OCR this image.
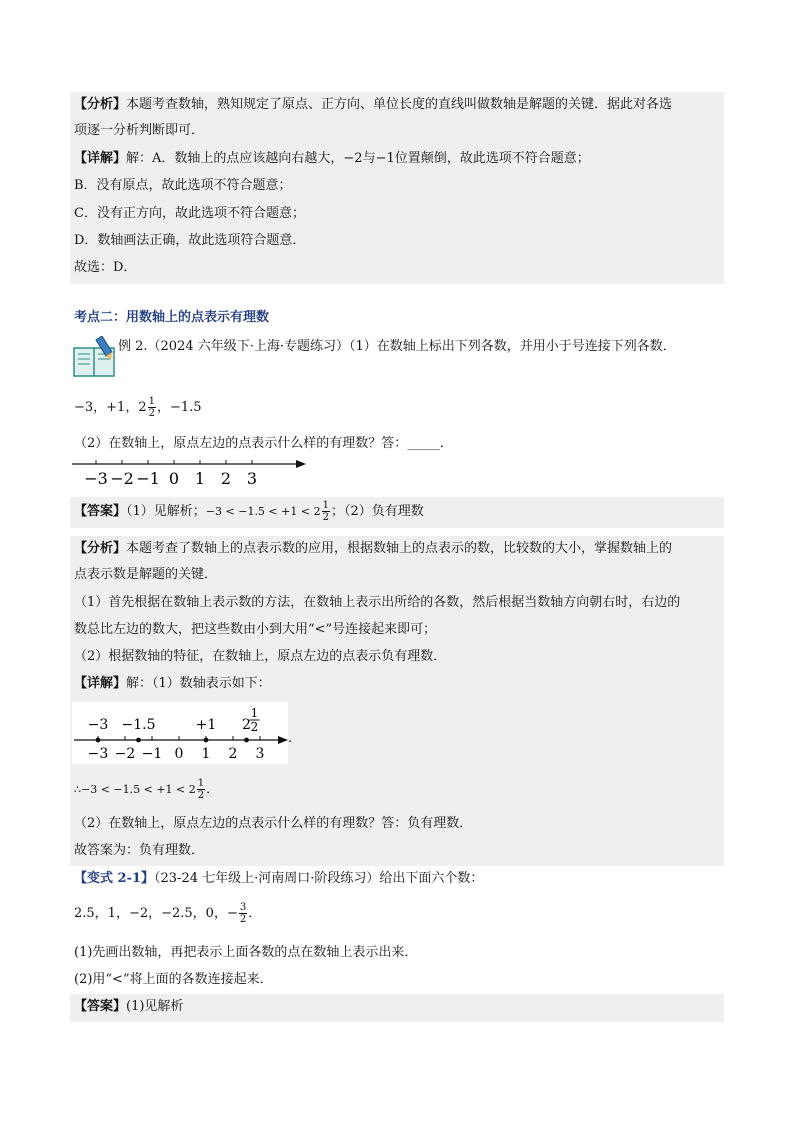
【分析】本题考查数轴，熟知规定了原点、正方向、单位长度的直线叫做数轴是解题的关键．据此对各选
项逐一分析判断即可．
【详解】解：A．数轴上的点应该越向右越大，−2与−1位置颠倒，故此选项不符合题意；
B．没有原点，故此选项不符合题意；
C．没有正方向，故此选项不符合题意；
D．数轴画法正确，故此选项符合题意．
故选：D．
考点二：用数轴上的点表示有理数
例 2.（2024 六年级下·上海·专题练习）（1）在数轴上标出下列各数，并用小于号连接下列各数．
−3，+1，$2 \frac{1}{2}$ ，−1.5
（2）在数轴上，原点左边的点表示什么样的有理数？答：_____．
−3 −2 −1 0 1 2 3
【答案】（1）见解析；$-3 < -1.5 < +1 < 2 \frac{1}{2}$ ；（2）负有理数
【分析】本题考查了数轴上的点表示数的应用，根据数轴上的点表示的数，比较数的大小，掌握数轴上的
点表示数是解题的关键．
（1）首先根据在数轴上表示数的方法，在数轴上表示出所给的各数，然后根据当数轴方向朝右时，右边的
数总比左边的数大，把这些数由小到大用“<”号连接起来即可；
（2）根据数轴的特征，在数轴上，原点左边的点表示负有理数．
【详解】解：（1）数轴表示如下：
−3 −1.5	+1 2
1
2
−3 −2 −1 0 1 2 3
.
∴−3 < $-1.5 < +1 < 2 \frac{1}{2}$ ．
（2）在数轴上，原点左边的点表示什么样的有理数？答：负有理数．
故答案为：负有理数．
【变式 2-1】（23-24 七年级上·河南周口·阶段练习）给出下面六个数：
2.5，1，−2，−2.5，0，− $\frac{3}{2}$ ．
(1)先画出数轴，再把表示上面各数的点在数轴上表示出来．
(2)用“<”将上面的各数连接起来．
【答案】(1)见解析
